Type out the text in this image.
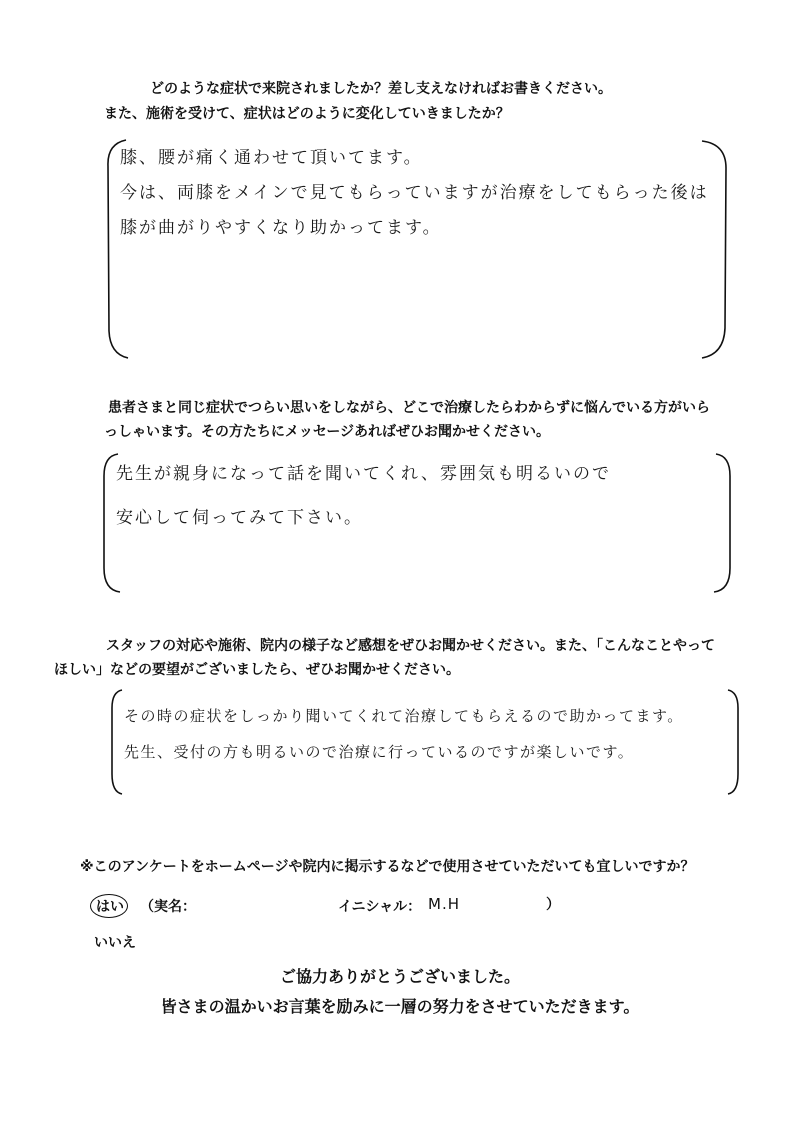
どのような症状で来院されましたか？差し支えなければお書きください。
また、施術を受けて、症状はどのように変化していきましたか？
膝、腰が痛く通わせて頂いてます。
今は、両膝をメインで見てもらっていますが治療をしてもらった後は
膝が曲がりやすくなり助かってます。
患者さまと同じ症状でつらい思いをしながら、どこで治療したらわからずに悩んでいる方がいら
っしゃいます。その方たちにメッセージあればぜひお聞かせください。
先生が親身になって話を聞いてくれ、雰囲気も明るいので
安心して伺ってみて下さい。
スタッフの対応や施術、院内の様子など感想をぜひお聞かせください。また、「こんなことやって
ほしい」などの要望がございましたら、ぜひお聞かせください。
その時の症状をしっかり聞いてくれて治療してもらえるので助かってます。
先生、受付の方も明るいので治療に行っているのですが楽しいです。
※このアンケートをホームページや院内に掲示するなどで使用させていただいても宜しいですか？
はい （実名：	イニシャル： M.H	）
いいえ
ご協力ありがとうございました。
皆さまの温かいお言葉を励みに一層の努力をさせていただきます。
